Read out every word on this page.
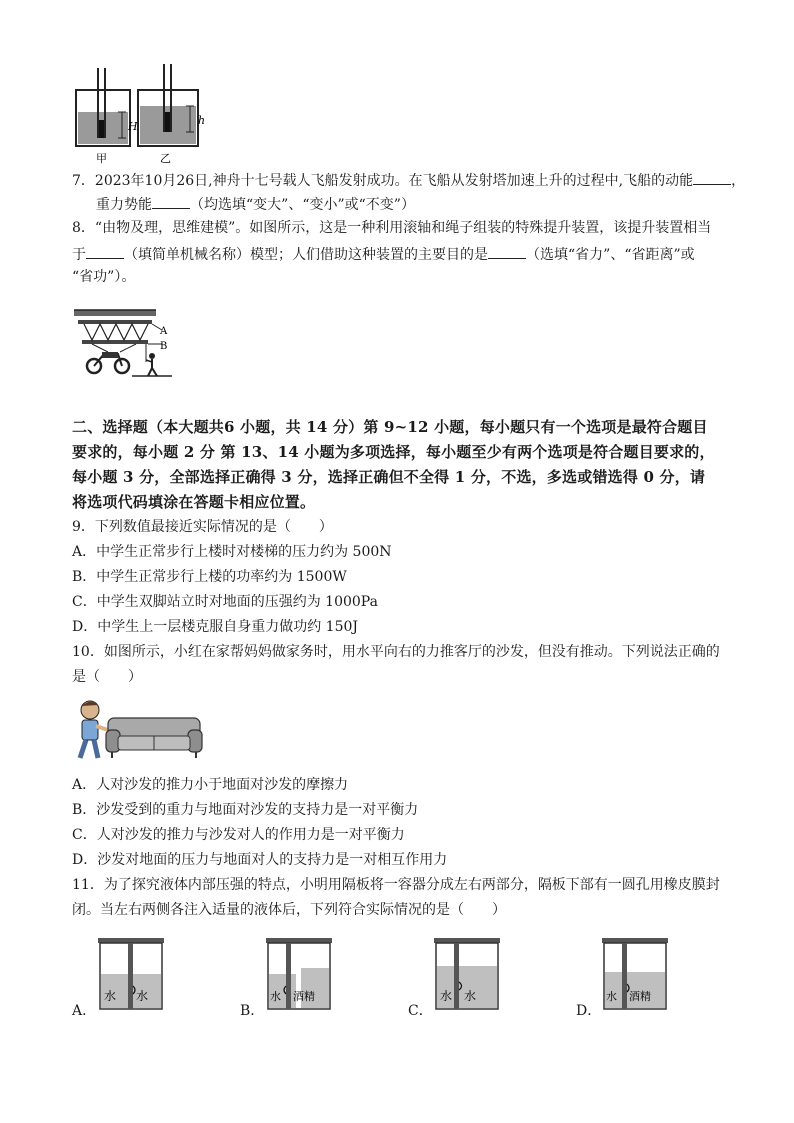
H	h
甲	乙
7．2023年10月26日,神舟十七号载人飞船发射成功。在飞船从发射塔加速上升的过程中,飞船的动能	，
重力势能	（均选填“变大”、“变小”或“不变”）
8．“由物及理，思维建模”。如图所示，这是一种利用滚轴和绳子组装的特殊提升装置，该提升装置相当
于	（填简单机械名称）模型；人们借助这种装置的主要目的是	（选填“省力”、“省距离”或
“省功”）。
A
B
二、选择题（本大题共6 小题，共 14 分）第 9~12 小题，每小题只有一个选项是最符合题目
要求的，每小题 2 分 第 13、14 小题为多项选择，每小题至少有两个选项是符合题目要求的，
每小题 3 分，全部选择正确得 3 分，选择正确但不全得 1 分，不选，多选或错选得 0 分，请
将选项代码填涂在答题卡相应位置。
9．下列数值最接近实际情况的是（　　）
A．中学生正常步行上楼时对楼梯的压力约为 500N
B．中学生正常步行上楼的功率约为 1500W
C．中学生双脚站立时对地面的压强约为 1000Pa
D．中学生上一层楼克服自身重力做功约 150J
10．如图所示，小红在家帮妈妈做家务时，用水平向右的力推客厅的沙发，但没有推动。下列说法正确的
是（　　）
A．人对沙发的推力小于地面对沙发的摩擦力
B．沙发受到的重力与地面对沙发的支持力是一对平衡力
C．人对沙发的推力与沙发对人的作用力是一对平衡力
D．沙发对地面的压力与地面对人的支持力是一对相互作用力
11．为了探究液体内部压强的特点，小明用隔板将一容器分成左右两部分，隔板下部有一圆孔用橡皮膜封
闭。当左右两侧各注入适量的液体后，下列符合实际情况的是（　　）
A．
水 水
B．
水 酒精
C．
水 水
D．
水 酒精
